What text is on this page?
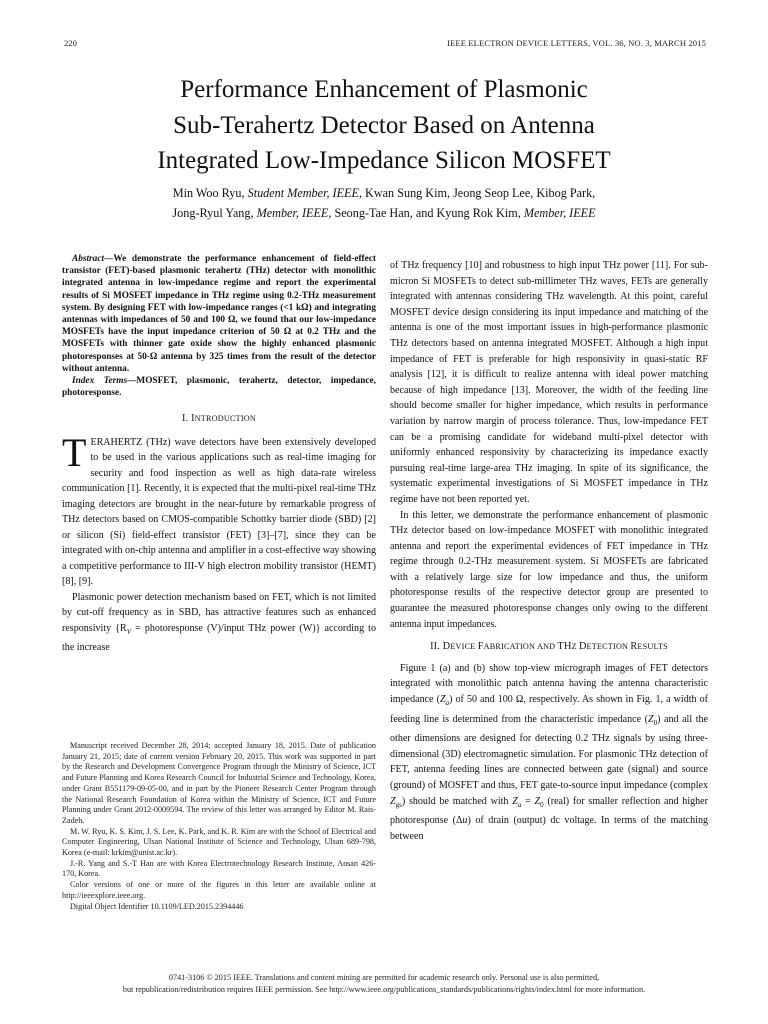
220	IEEE ELECTRON DEVICE LETTERS, VOL. 36, NO. 3, MARCH 2015
Performance Enhancement of Plasmonic
Sub-Terahertz Detector Based on Antenna
Integrated Low-Impedance Silicon MOSFET
Min Woo Ryu, Student Member, IEEE, Kwan Sung Kim, Jeong Seop Lee, Kibog Park,
Jong-Ryul Yang, Member, IEEE, Seong-Tae Han, and Kyung Rok Kim, Member, IEEE

Abstract—We demonstrate the performance enhancement of field-effect transistor (FET)-based plasmonic terahertz (THz) detector with monolithic integrated antenna in low-impedance regime and report the experimental results of Si MOSFET impedance in THz regime using 0.2-THz measurement system. By designing FET with low-impedance ranges (<1 kΩ) and integrating antennas with impedances of 50 and 100 Ω, we found that our low-impedance MOSFETs have the input impedance criterion of 50 Ω at 0.2 THz and the MOSFETs with thinner gate oxide show the highly enhanced plasmonic photoresponses at 50-Ω antenna by 325 times from the result of the detector without antenna.

Index Terms—MOSFET, plasmonic, terahertz, detector, impedance, photoresponse.

I. INTRODUCTION
T ERAHERTZ (THz) wave detectors have been extensively developed to be used in the various applications such as real-time imaging for security and food inspection as well as high data-rate wireless communication [1]. Recently, it is expected that the multi-pixel real-time THz imaging detectors are brought in the near-future by remarkable progress of THz detectors based on CMOS-compatible Schottky barrier diode (SBD) [2] or silicon (Si) field-effect transistor (FET) [3]–[7], since they can be integrated with on-chip antenna and amplifier in a cost-effective way showing a competitive performance to III-V high electron mobility transistor (HEMT) [8], [9].

Plasmonic power detection mechanism based on FET, which is not limited by cut-off frequency as in SBD, has attractive features such as enhanced responsivity {$R_V$ = photoresponse (V)/input THz power (W)} according to the increase

Manuscript received December 28, 2014; accepted January 18, 2015. Date of publication January 21, 2015; date of current version February 20, 2015. This work was supported in part by the Research and Development Convergence Program through the Ministry of Science, ICT and Future Planning and Korea Research Council for Industrial Science and Technology, Korea, under Grant B551179-09-05-00, and in part by the Pioneer Research Center Program through the National Research Foundation of Korea within the Ministry of Science, ICT and Future Planning under Grant 2012-0009594. The review of this letter was arranged by Editor M. Rais-Zadeh.

M. W. Ryu, K. S. Kim, J. S. Lee, K. Park, and K. R. Kim are with the School of Electrical and Computer Engineering, Ulsan National Institute of Science and Technology, Ulsan 689-798, Korea (e-mail: krkim@unist.ac.kr).

J.-R. Yang and S.-T Han are with Korea Electrotechnology Research Institute, Ansan 426-170, Korea.

Color versions of one or more of the figures in this letter are available online at http://ieeexplore.ieee.org.

Digital Object Identifier 10.1109/LED.2015.2394446

of THz frequency [10] and robustness to high input THz power [11]. For sub-micron Si MOSFETs to detect sub-millimeter THz waves, FETs are generally integrated with antennas considering THz wavelength. At this point, careful MOSFET device design considering its input impedance and matching of the antenna is one of the most important issues in high-performance plasmonic THz detectors based on antenna integrated MOSFET. Although a high input impedance of FET is preferable for high responsivity in quasi-static RF analysis [12], it is difficult to realize antenna with ideal power matching because of high impedance [13]. Moreover, the width of the feeding line should become smaller for higher impedance, which results in performance variation by narrow margin of process tolerance. Thus, low-impedance FET can be a promising candidate for wideband multi-pixel detector with uniformly enhanced responsivity by characterizing its impedance exactly pursuing real-time large-area THz imaging. In spite of its significance, the systematic experimental investigations of Si MOSFET impedance in THz regime have not been reported yet.

In this letter, we demonstrate the performance enhancement of plasmonic THz detector based on low-impedance MOSFET with monolithic integrated antenna and report the experimental evidences of FET impedance in THz regime through 0.2-THz measurement system. Si MOSFETs are fabricated with a relatively large size for low impedance and thus, the uniform photoresponse results of the respective detector group are presented to guarantee the measured photoresponse changes only owing to the different antenna input impedances.

II. DEVICE FABRICATION AND THZ DETECTION RESULTS

Figure 1 (a) and (b) show top-view micrograph images of FET detectors integrated with monolithic patch antenna having the antenna characteristic impedance $(Z_a)$ of 50 and 100 Ω, respectively. As shown in Fig. 1, a width of feeding line is determined from the characteristic impedance $(Z_0)$ and all the other dimensions are designed for detecting 0.2 THz signals by using three-dimensional (3D) electromagnetic simulation. For plasmonic THz detection of FET, antenna feeding lines are connected between gate (signal) and source (ground) of MOSFET and thus, FET gate-to-source input impedance (complex $Z_{gs}$) should be matched with $Z_a = Z_0$ (real) for smaller reflection and higher photoresponse (Δu) of drain (output) dc voltage. In terms of the matching between

0741-3106 © 2015 IEEE. Translations and content mining are permitted for academic research only. Personal use is also permitted,
but republication/redistribution requires IEEE permission. See http://www.ieee.org/publications_standards/publications/rights/index.html for more information.
